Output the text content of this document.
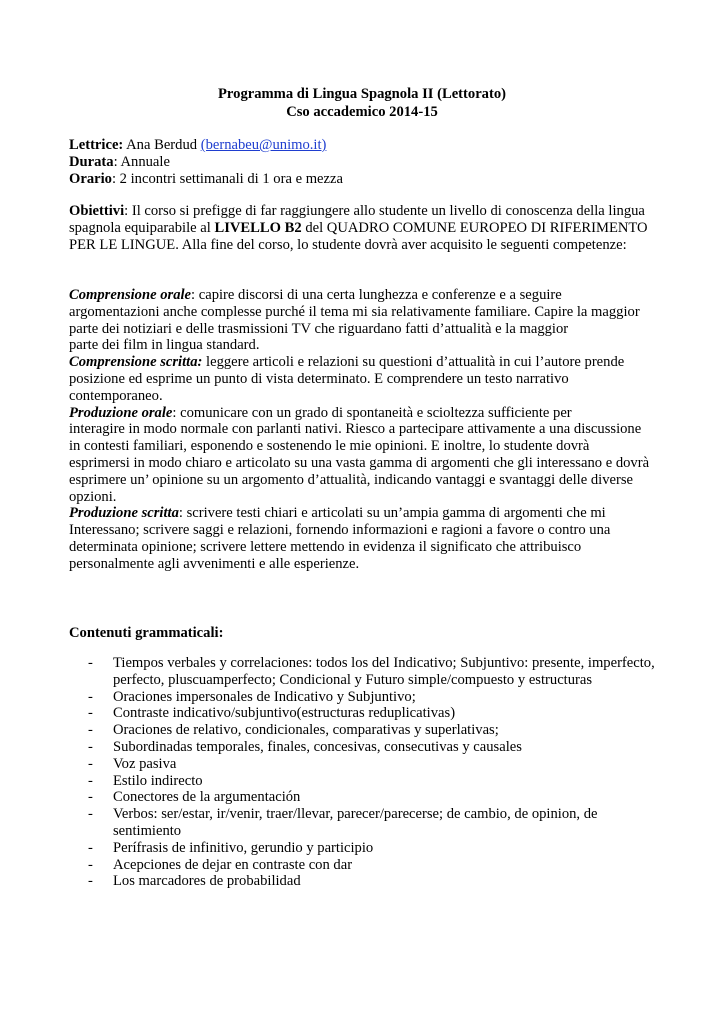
Programma di Lingua Spagnola II (Lettorato)
Cso accademico 2014-15
Lettrice: Ana Berdud (bernabeu@unimo.it)
Durata: Annuale
Orario: 2 incontri settimanali di 1 ora e mezza
Obiettivi: Il corso si prefigge di far raggiungere allo studente un livello di conoscenza della lingua
spagnola equiparabile al LIVELLO B2 del QUADRO COMUNE EUROPEO DI RIFERIMENTO
PER LE LINGUE. Alla fine del corso, lo studente dovrà aver acquisito le seguenti competenze:
Comprensione orale: capire discorsi di una certa lunghezza e conferenze e a seguire
argomentazioni anche complesse purché il tema mi sia relativamente familiare. Capire la maggior
parte dei notiziari e delle trasmissioni TV che riguardano fatti d’attualità e la maggior
parte dei film in lingua standard.
Comprensione scritta: leggere articoli e relazioni su questioni d’attualità in cui l’autore prende
posizione ed esprime un punto di vista determinato. E comprendere un testo narrativo
contemporaneo.
Produzione orale: comunicare con un grado di spontaneità e scioltezza sufficiente per
interagire in modo normale con parlanti nativi. Riesco a partecipare attivamente a una discussione
in contesti familiari, esponendo e sostenendo le mie opinioni. E inoltre, lo studente dovrà
esprimersi in modo chiaro e articolato su una vasta gamma di argomenti che gli interessano e dovrà
esprimere un’ opinione su un argomento d’attualità, indicando vantaggi e svantaggi delle diverse
opzioni.
Produzione scritta: scrivere testi chiari e articolati su un’ampia gamma di argomenti che mi
Interessano; scrivere saggi e relazioni, fornendo informazioni e ragioni a favore o contro una
determinata opinione; scrivere lettere mettendo in evidenza il significato che attribuisco
personalmente agli avvenimenti e alle esperienze.
Contenuti grammaticali:
- Tiempos verbales y correlaciones: todos los del Indicativo; Subjuntivo: presente, imperfecto,
perfecto, pluscuamperfecto; Condicional y Futuro simple/compuesto y estructuras
- Oraciones impersonales de Indicativo y Subjuntivo;
- Contraste indicativo/subjuntivo(estructuras reduplicativas)
- Oraciones de relativo, condicionales, comparativas y superlativas;
- Subordinadas temporales, finales, concesivas, consecutivas y causales
- Voz pasiva
- Estilo indirecto
- Conectores de la argumentación
- Verbos: ser/estar, ir/venir, traer/llevar, parecer/parecerse; de cambio, de opinion, de
sentimiento
- Perífrasis de infinitivo, gerundio y participio
- Acepciones de dejar en contraste con dar
- Los marcadores de probabilidad
